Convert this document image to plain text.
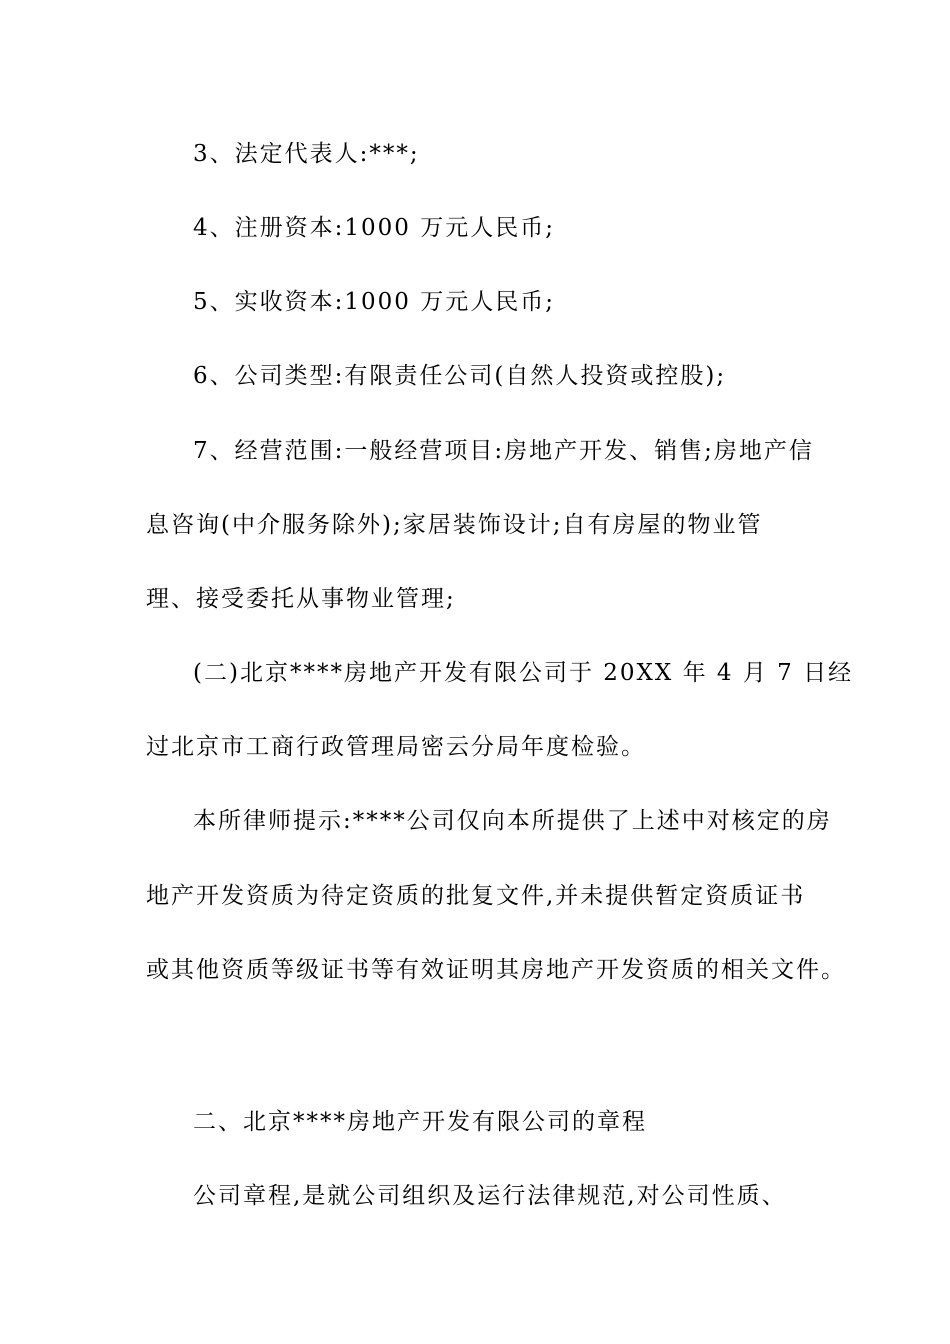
3、法定代表人:***;
4、注册资本:1000 万元人民币;
5、实收资本:1000 万元人民币;
6、公司类型:有限责任公司(自然人投资或控股);
7、经营范围:一般经营项目:房地产开发、销售;房地产信
息咨询(中介服务除外);家居装饰设计;自有房屋的物业管
理、接受委托从事物业管理;
(二)北京****房地产开发有限公司于 20XX 年 4 月 7 日经
过北京市工商行政管理局密云分局年度检验。
本所律师提示:****公司仅向本所提供了上述中对核定的房
地产开发资质为待定资质的批复文件,并未提供暂定资质证书
或其他资质等级证书等有效证明其房地产开发资质的相关文件。
二、北京****房地产开发有限公司的章程
公司章程,是就公司组织及运行法律规范,对公司性质、
